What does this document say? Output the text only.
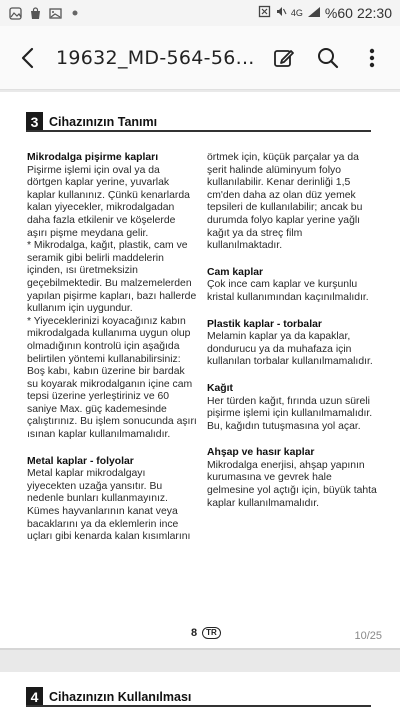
4G %60 22:30
19632_MD-564-56...
3 Cihazınızın Tanımı

Mikrodalga pişirme kapları

Pişirme işlemi için oval ya da dörtgen kaplar yerine, yuvarlak kaplar kullanınız. Çünkü kenarlarda kalan yiyecekler, mikrodalgadan daha fazla etkilenir ve köşelerde aşırı pişme meydana gelir.
* Mikrodalga, kağıt, plastik, cam ve seramik gibi belirli maddelerin içinden, ısı üretmeksizin geçebilmektedir. Bu malzemelerden yapılan pişirme kapları, bazı hallerde kullanım için uygundur.
* Yiyeceklerinizi koyacağınız kabın mikrodalgada kullanıma uygun olup olmadığının kontrolü için aşağıda belirtilen yöntemi kullanabilirsiniz:
Boş kabı, kabın üzerine bir bardak su koyarak mikrodalganın içine cam tepsi üzerine yerleştiriniz ve 60 saniye Max. güç kademesinde çalıştırınız. Bu işlem sonucunda aşırı ısınan kaplar kullanılmamalıdır.

Metal kaplar - folyolar

Metal kaplar mikrodalgayı yiyecekten uzağa yansıtır. Bu nedenle bunları kullanmayınız. Kümes hayvanlarının kanat veya bacaklarını ya da eklemlerin ince uçları gibi kenarda kalan kısımlarını

örtmek için, küçük parçalar ya da şerit halinde alüminyum folyo kullanılabilir. Kenar derinliği 1,5 cm'den daha az olan düz yemek tepsileri de kullanılabilir; ancak bu durumda folyo kaplar yerine yağlı kağıt ya da streç film kullanılmaktadır.

Cam kaplar

Çok ince cam kaplar ve kurşunlu kristal kullanımından kaçınılmalıdır.

Plastik kaplar - torbalar

Melamin kaplar ya da kapaklar, dondurucu ya da muhafaza için kullanılan torbalar kullanılmamalıdır.

Kağıt

Her türden kağıt, fırında uzun süreli pişirme işlemi için kullanılmamalıdır. Bu, kağıdın tutuşmasına yol açar.

Ahşap ve hasır kaplar

Mikrodalga enerjisi, ahşap yapının kurumasına ve gevrek hale gelmesine yol açtığı için, büyük tahta kaplar kullanılmamalıdır.

8	TR	10/25
4 Cihazınızın Kullanılması
